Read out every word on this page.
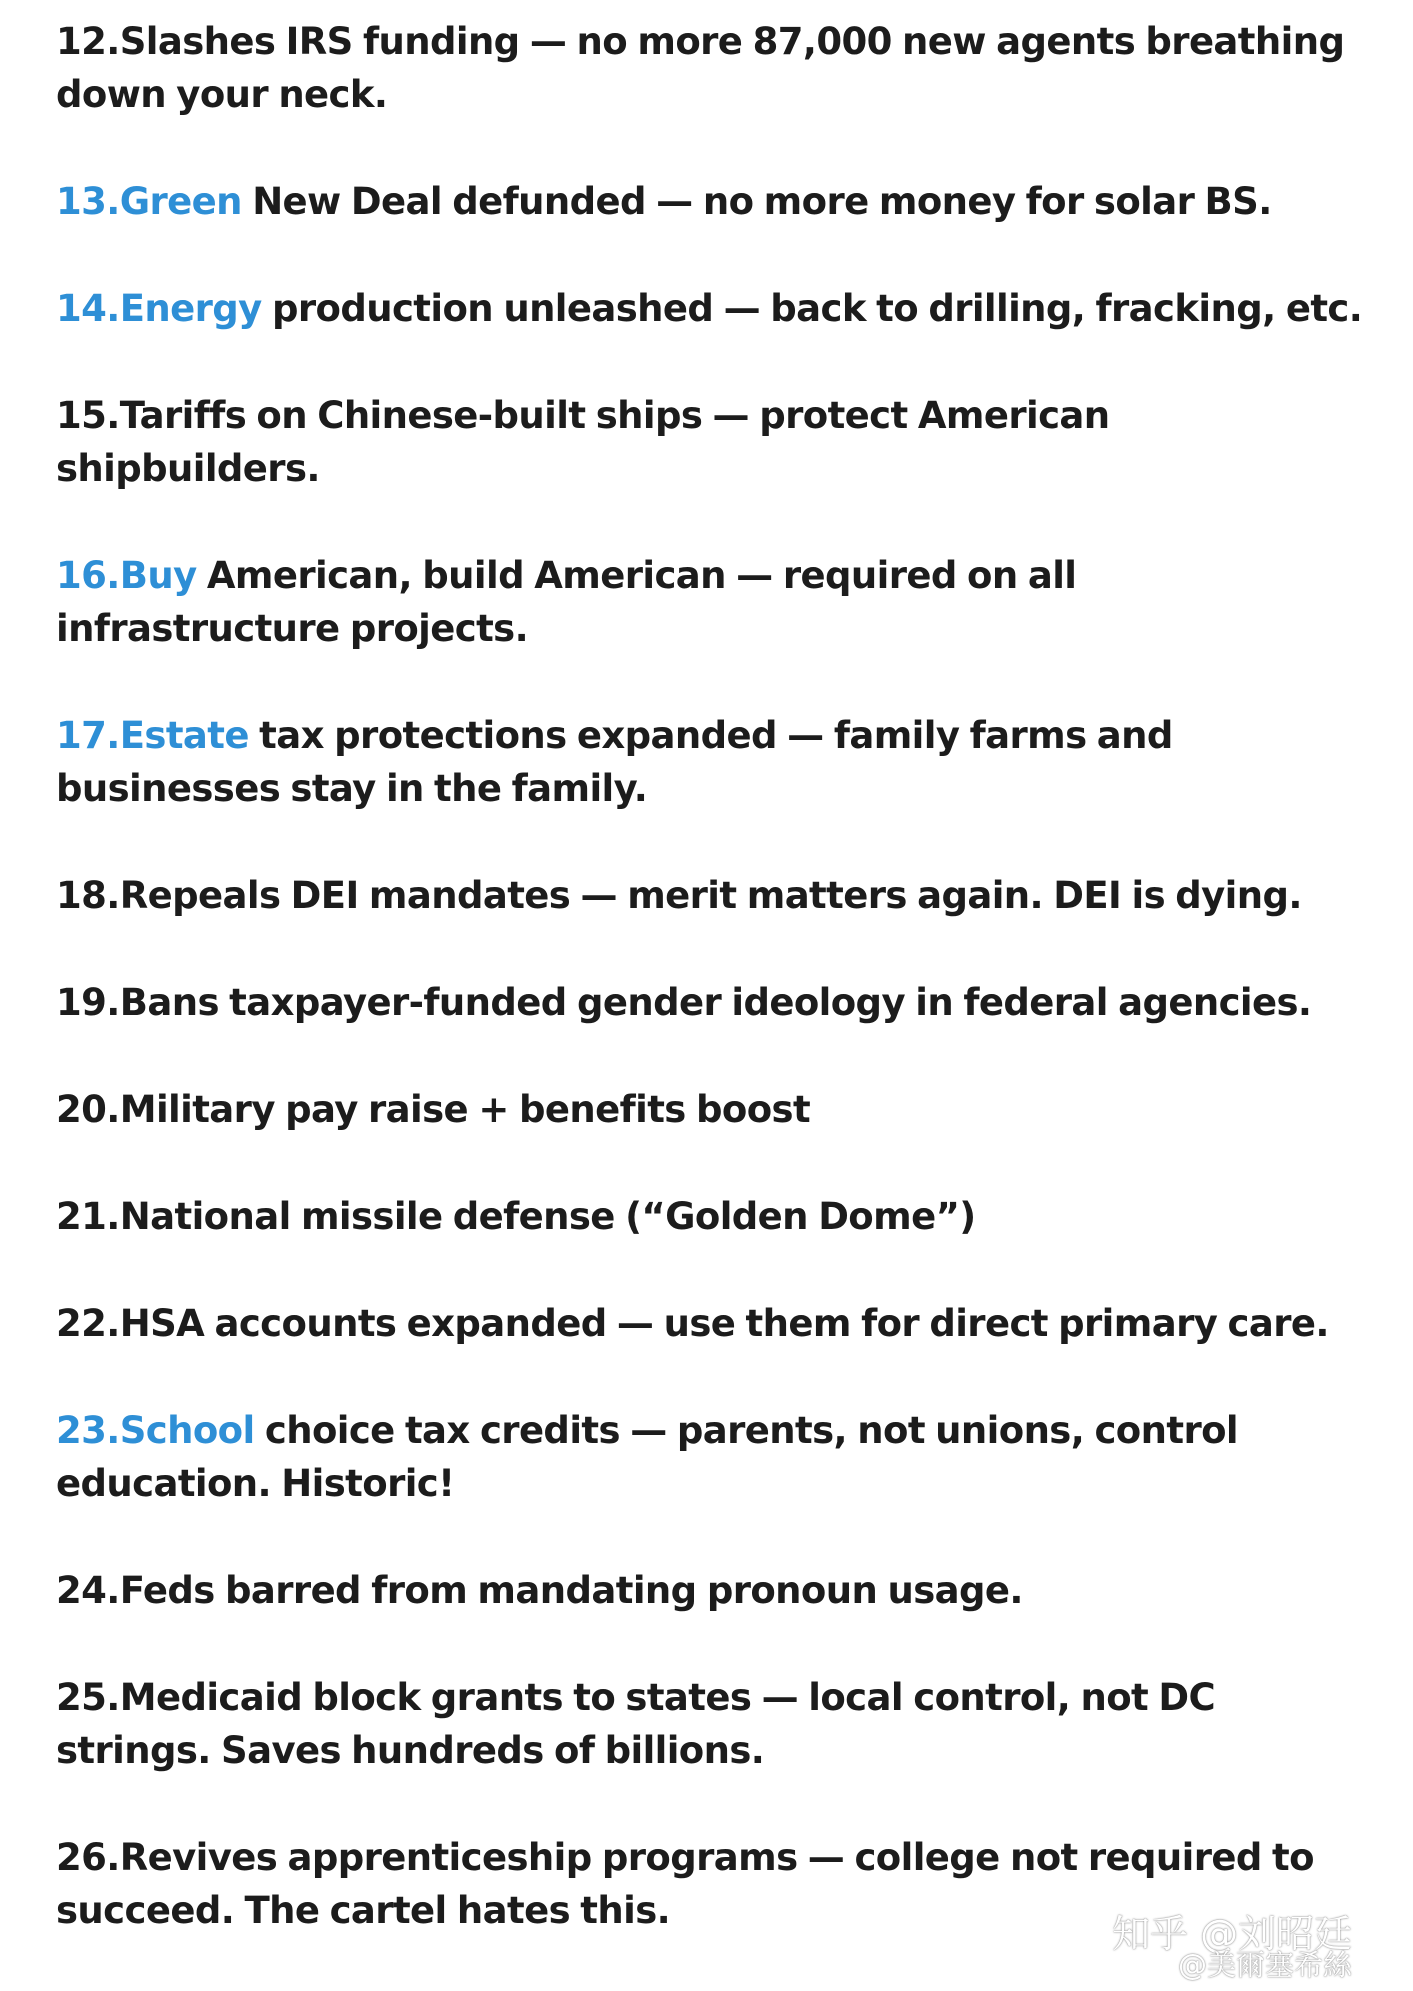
12.Slashes IRS funding — no more 87,000 new agents breathing down your neck.
13.Green New Deal defunded — no more money for solar BS.
14.Energy production unleashed — back to drilling, fracking, etc.
15.Tariffs on Chinese-built ships — protect American shipbuilders.
16.Buy American, build American — required on all infrastructure projects.
17.Estate tax protections expanded — family farms and businesses stay in the family.
18.Repeals DEI mandates — merit matters again. DEI is dying.
19.Bans taxpayer-funded gender ideology in federal agencies.
20.Military pay raise + benefits boost
21.National missile defense (“Golden Dome”)
22.HSA accounts expanded — use them for direct primary care.
23.School choice tax credits — parents, not unions, control education. Historic!
24.Feds barred from mandating pronoun usage.
25.Medicaid block grants to states — local control, not DC strings. Saves hundreds of billions.
26.Revives apprenticeship programs — college not required to succeed. The cartel hates this.
知乎 @刘昭廷
@美爾塞希絲
